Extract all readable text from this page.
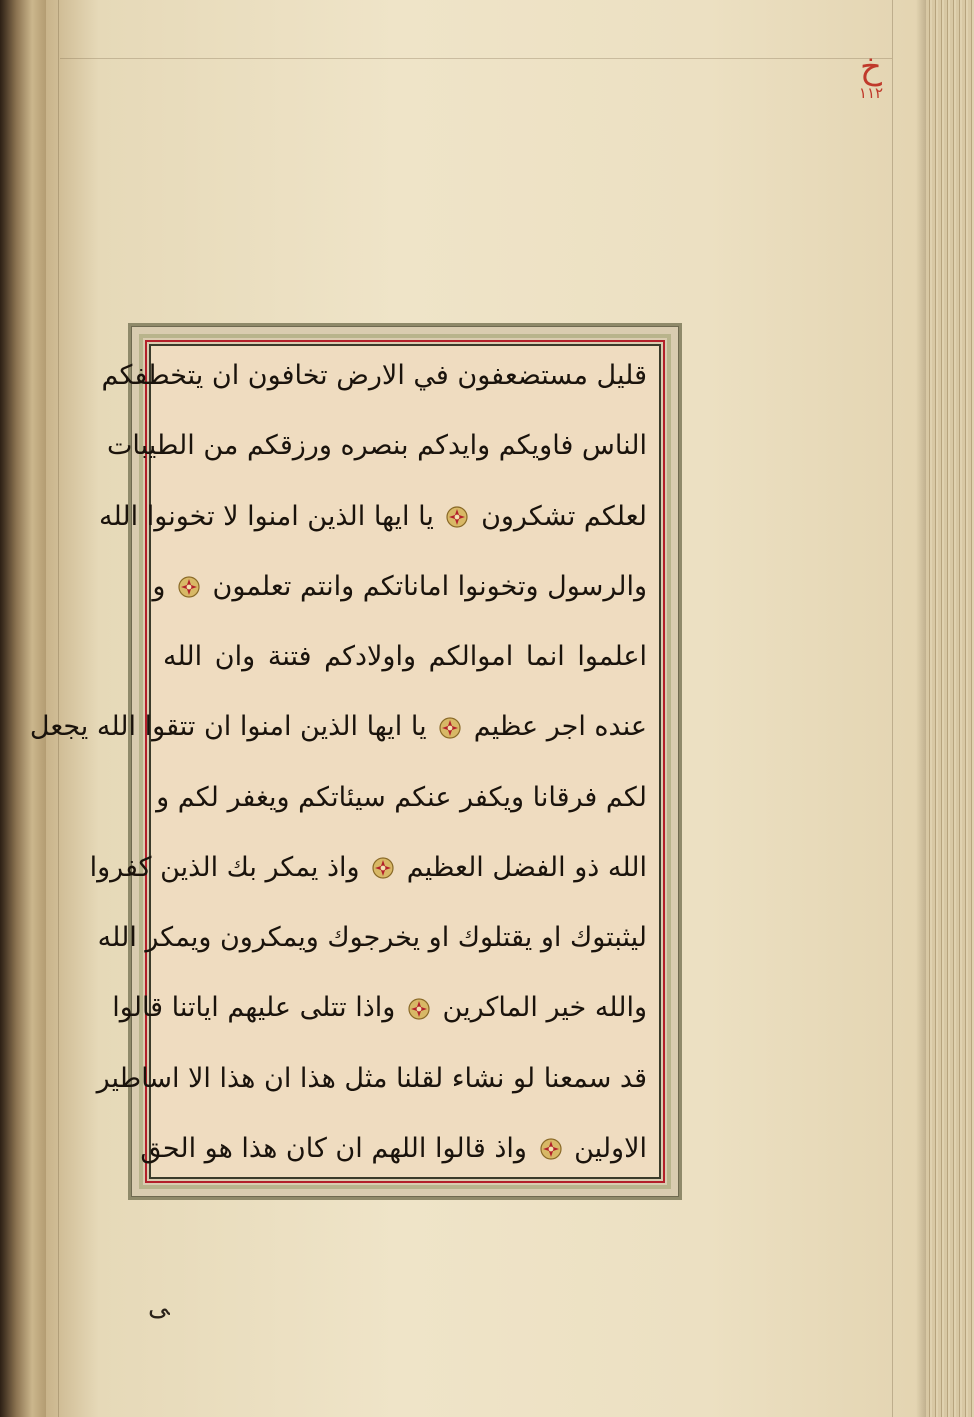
خ
١١٢
ﯽ
قليل مستضعفون في الارض تخافون ان يتخطفكم
الناس فاويكم وايدكم بنصره ورزقكم من الطيبات
لعلكم تشكرون
يا ايها الذين امنوا لا تخونوا الله
والرسول وتخونوا اماناتكم وانتم تعلمون
و
اعلموا انما اموالكم واولادكم فتنة وان الله
عنده اجر عظيم
يا ايها الذين امنوا ان تتقوا الله يجعل
لكم فرقانا ويكفر عنكم سيئاتكم ويغفر لكم و
الله ذو الفضل العظيم
واذ يمكر بك الذين كفروا
ليثبتوك او يقتلوك او يخرجوك ويمكرون ويمكر الله
والله خير الماكرين
واذا تتلى عليهم اياتنا قالوا
قد سمعنا لو نشاء لقلنا مثل هذا ان هذا الا اساطير
الاولين
واذ قالوا اللهم ان كان هذا هو الحق
